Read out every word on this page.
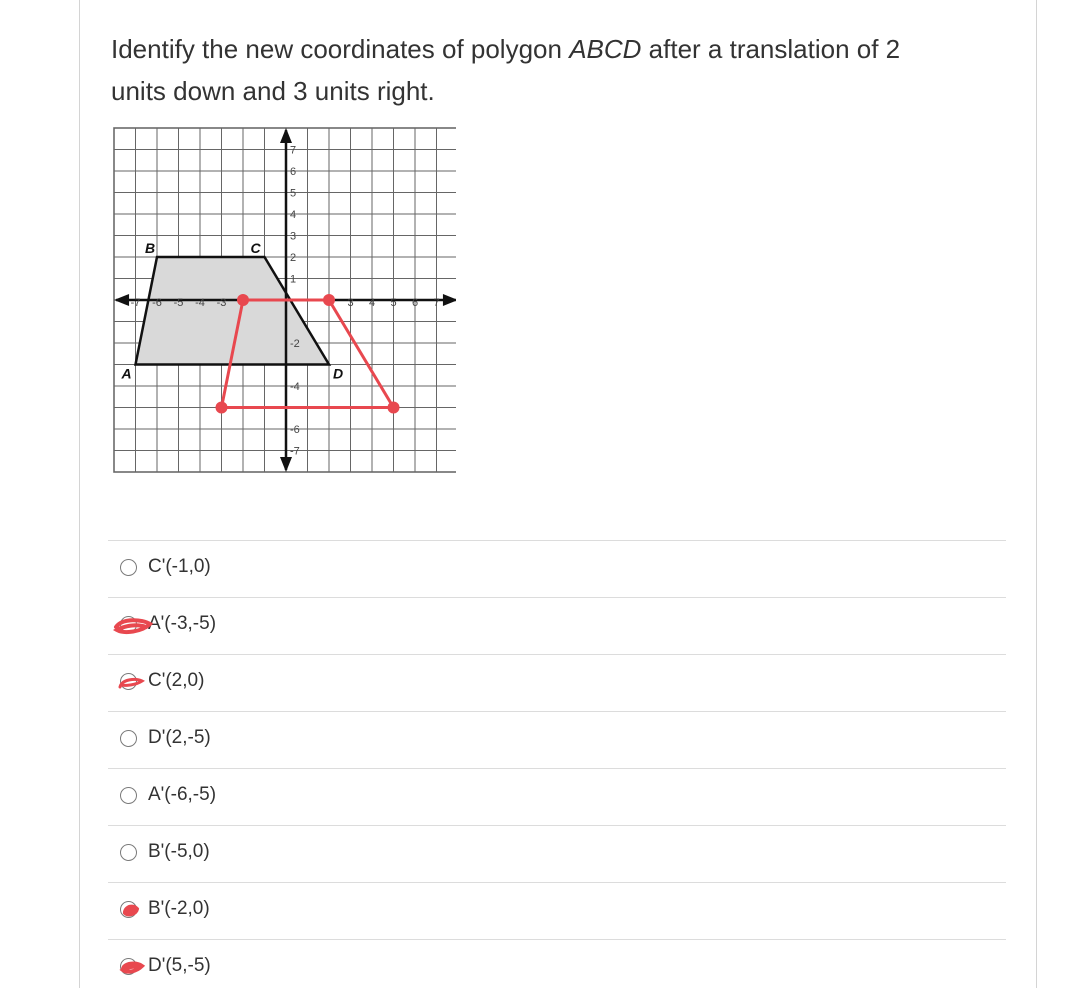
Identify the new coordinates of polygon ABCD after a translation of 2
units down and 3 units right.
-7 -6 -5 -4 -3	3 4 5 6 7
7
6
5
4
3
2
1
-2
-4
-6
-7
A
B	C
D
C'(-1,0)
A'(-3,-5)
C'(2,0)
D'(2,-5)
A'(-6,-5)
B'(-5,0)
B'(-2,0)
D'(5,-5)
